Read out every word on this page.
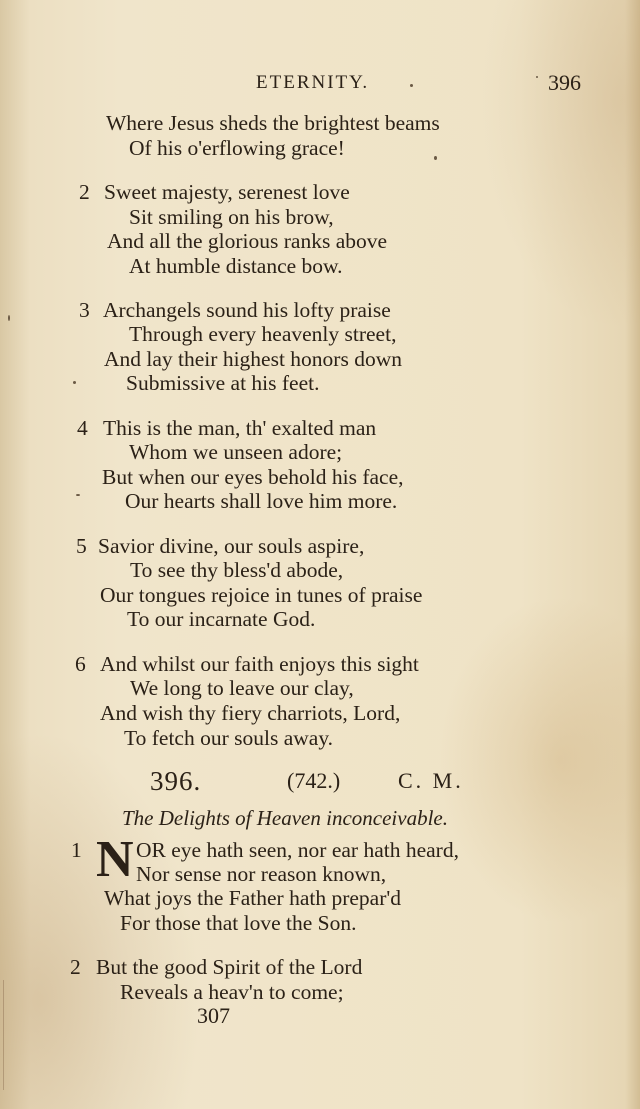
ETERNITY.	396
Where Jesus sheds the brightest beams
Of his o'erflowing grace!
2 Sweet majesty, serenest love
Sit smiling on his brow,
And all the glorious ranks above
At humble distance bow.
3 Archangels sound his lofty praise
Through every heavenly street,
And lay their highest honors down
Submissive at his feet.
4 This is the man, th' exalted man
Whom we unseen adore;
But when our eyes behold his face,
Our hearts shall love him more.
5 Savior divine, our souls aspire,
To see thy bless'd abode,
Our tongues rejoice in tunes of praise
To our incarnate God.
6 And whilst our faith enjoys this sight
We long to leave our clay,
And wish thy fiery charriots, Lord,
To fetch our souls away.
396.	(742.)	C. M.
The Delights of Heaven inconceivable.
1 N OR eye hath seen, nor ear hath heard,
Nor sense nor reason known,
What joys the Father hath prepar'd
For those that love the Son.
2 But the good Spirit of the Lord
Reveals a heav'n to come;
307
